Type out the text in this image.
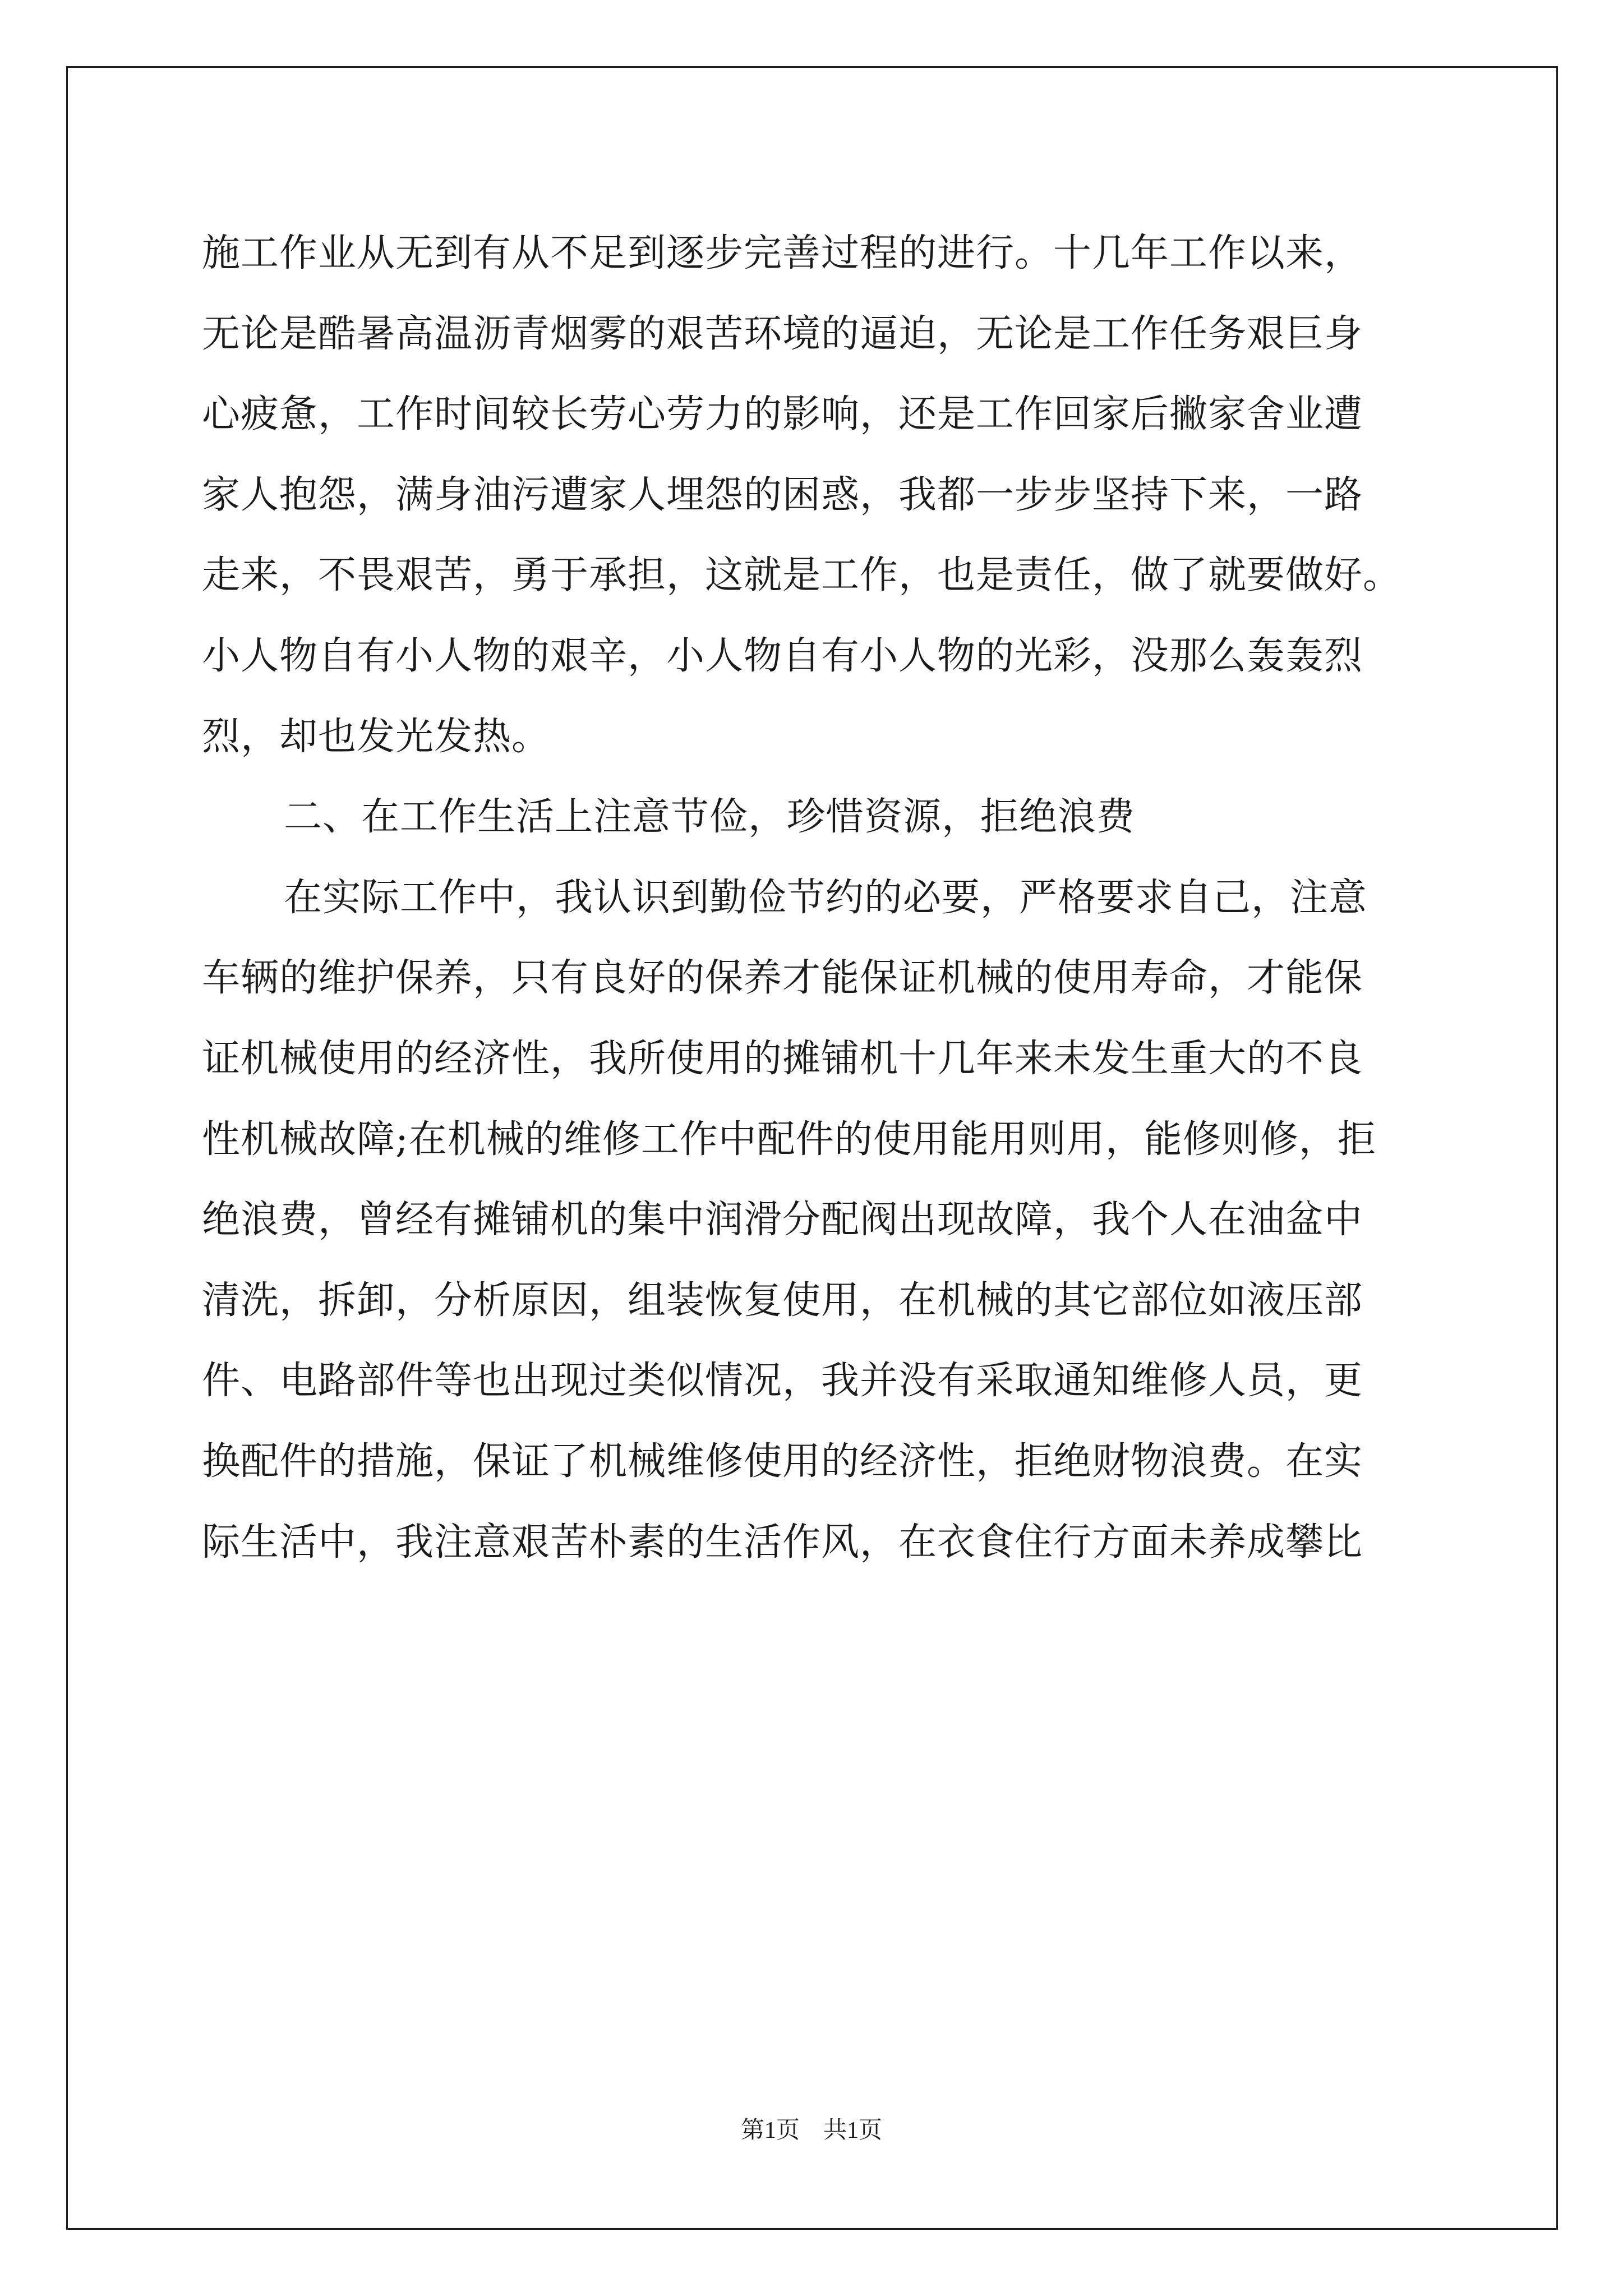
施工作业从无到有从不足到逐步完善过程的进行。十几年工作以来，
无论是酷暑高温沥青烟雾的艰苦环境的逼迫，无论是工作任务艰巨身
心疲惫，工作时间较长劳心劳力的影响，还是工作回家后撇家舍业遭
家人抱怨，满身油污遭家人埋怨的困惑，我都一步步坚持下来，一路
走来，不畏艰苦，勇于承担，这就是工作，也是责任，做了就要做好。
小人物自有小人物的艰辛，小人物自有小人物的光彩，没那么轰轰烈
烈，却也发光发热。
二、在工作生活上注意节俭，珍惜资源，拒绝浪费
在实际工作中，我认识到勤俭节约的必要，严格要求自己，注意
车辆的维护保养，只有良好的保养才能保证机械的使用寿命，才能保
证机械使用的经济性，我所使用的摊铺机十几年来未发生重大的不良
性机械故障;在机械的维修工作中配件的使用能用则用，能修则修，拒
绝浪费，曾经有摊铺机的集中润滑分配阀出现故障，我个人在油盆中
清洗，拆卸，分析原因，组装恢复使用，在机械的其它部位如液压部
件、电路部件等也出现过类似情况，我并没有采取通知维修人员，更
换配件的措施，保证了机械维修使用的经济性，拒绝财物浪费。在实
际生活中，我注意艰苦朴素的生活作风，在衣食住行方面未养成攀比
第1页 共1页
